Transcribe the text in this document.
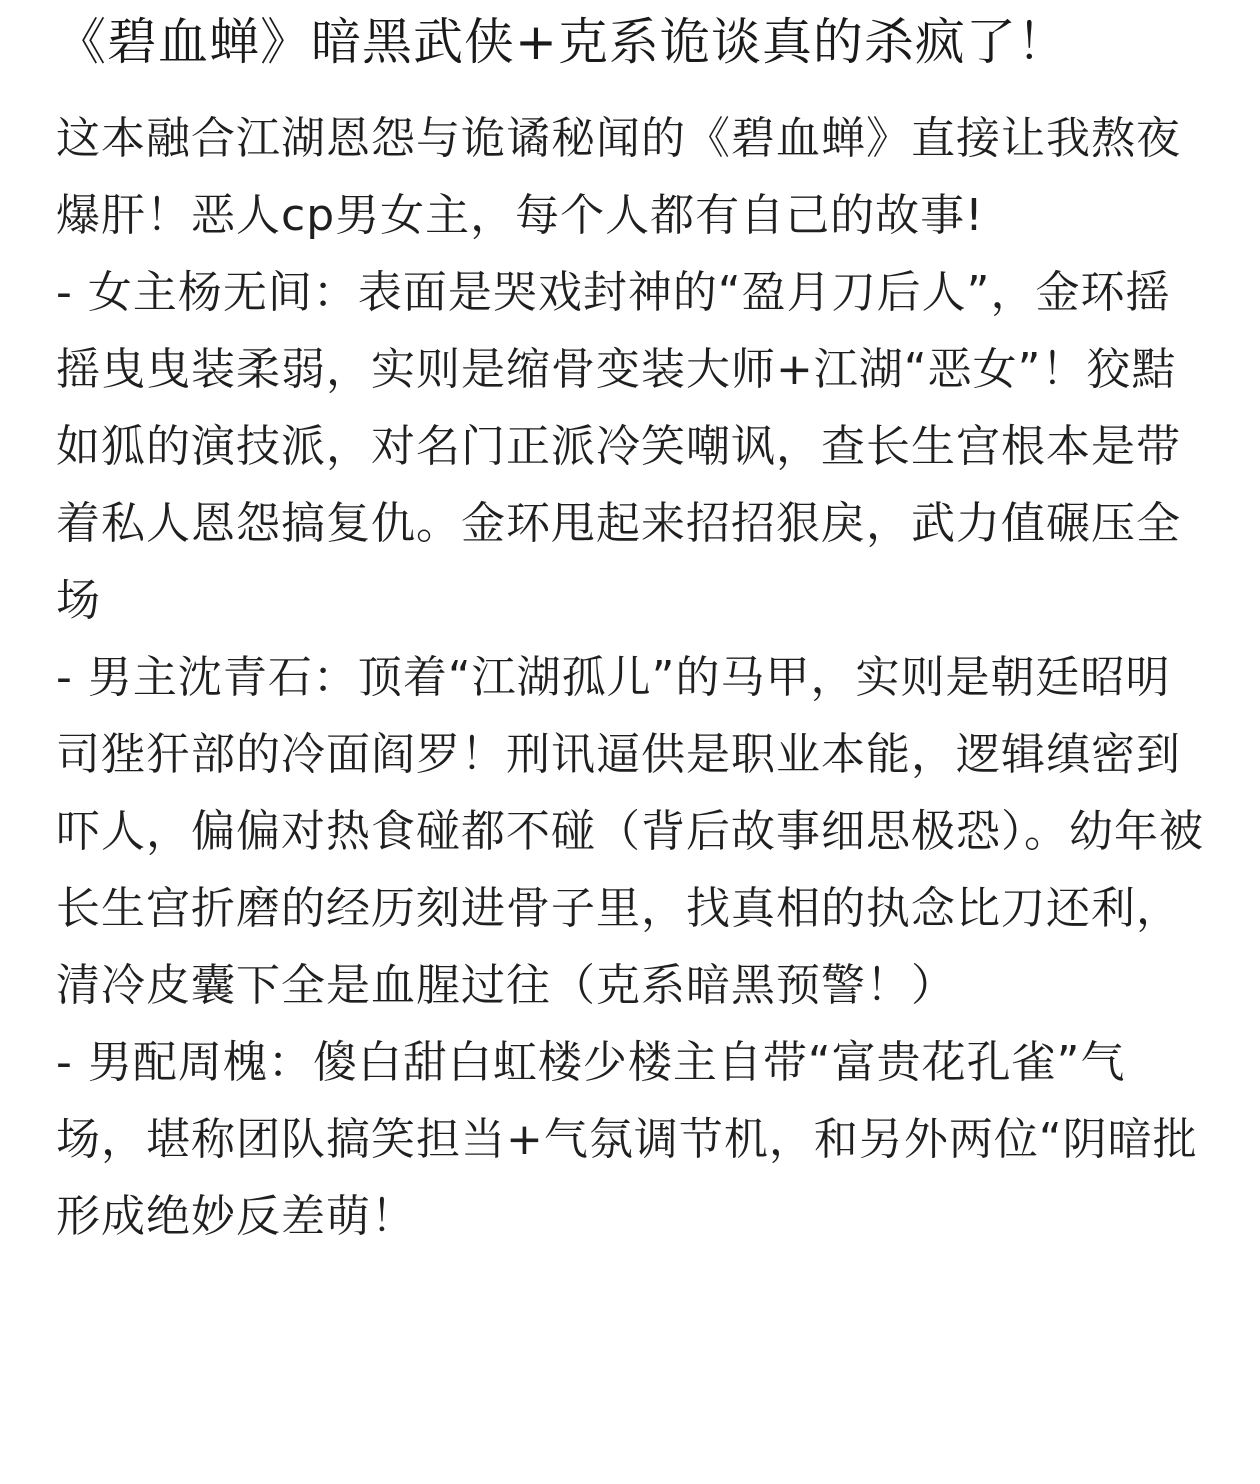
《碧血蝉》暗黑武侠+克系诡谈真的杀疯了！

这本融合江湖恩怨与诡谲秘闻的《碧血蝉》直接让我熬夜爆肝！恶人cp男女主，每个人都有自己的故事!

- 女主杨无间：表面是哭戏封神的“盈月刀后人”，金环摇摇曳曳装柔弱，实则是缩骨变装大师+江湖“恶女”！狡黠如狐的演技派，对名门正派冷笑嘲讽，查长生宫根本是带着私人恩怨搞复仇。金环甩起来招招狠戾，武力值碾压全场

- 男主沈青石：顶着“江湖孤儿”的马甲，实则是朝廷昭明司狴犴部的冷面阎罗！刑讯逼供是职业本能，逻辑缜密到吓人，偏偏对热食碰都不碰（背后故事细思极恐）。幼年被长生宫折磨的经历刻进骨子里，找真相的执念比刀还利，清冷皮囊下全是血腥过往（克系暗黑预警！）

- 男配周槐：傻白甜白虹楼少楼主自带“富贵花孔雀”气场，堪称团队搞笑担当+气氛调节机，和另外两位“阴暗批 形成绝妙反差萌！
